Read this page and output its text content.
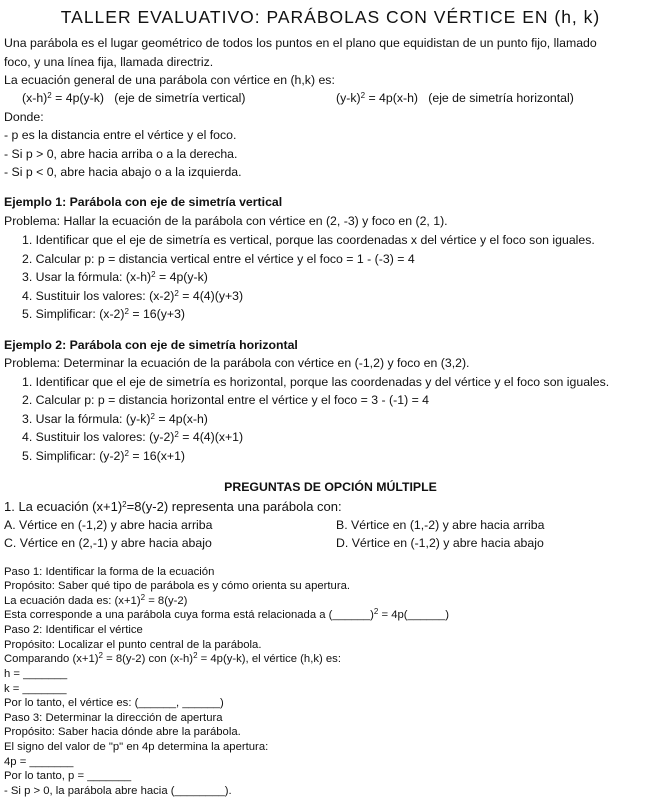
TALLER EVALUATIVO: PARÁBOLAS CON VÉRTICE EN (h, k)
Una parábola es el lugar geométrico de todos los puntos en el plano que equidistan de un punto fijo, llamado
foco, y una línea fija, llamada directriz.
La ecuación general de una parábola con vértice en (h,k) es:
$(x-h)^2 = 4p(y-k)$ (eje de simetría vertical)	$(y-k)^2 = 4p(x-h)$ (eje de simetría horizontal)
Donde:
- p es la distancia entre el vértice y el foco.
- Si p > 0, abre hacia arriba o a la derecha.
- Si p < 0, abre hacia abajo o a la izquierda.
Ejemplo 1: Parábola con eje de simetría vertical
Problema: Hallar la ecuación de la parábola con vértice en (2, -3) y foco en (2, 1).
1. Identificar que el eje de simetría es vertical, porque las coordenadas x del vértice y el foco son iguales.
2. Calcular p: p = distancia vertical entre el vértice y el foco = 1 - (-3) = 4
3. Usar la fórmula: $(x-h)^2 = 4p(y-k)$
4. Sustituir los valores: $(x-2)^2 = 4(4)(y+3)$
5. Simplificar: $(x-2)^2 = 16(y+3)$
Ejemplo 2: Parábola con eje de simetría horizontal
Problema: Determinar la ecuación de la parábola con vértice en (-1,2) y foco en (3,2).
1. Identificar que el eje de simetría es horizontal, porque las coordenadas y del vértice y el foco son iguales.
2. Calcular p: p = distancia horizontal entre el vértice y el foco = 3 - (-1) = 4
3. Usar la fórmula: $(y-k)^2 = 4p(x-h)$
4. Sustituir los valores: $(y-2)^2 = 4(4)(x+1)$
5. Simplificar: $(y-2)^2 = 16(x+1)$
PREGUNTAS DE OPCIÓN MÚLTIPLE
1. La ecuación $(x+1)^2=8(y-2)$ representa una parábola con:
A. Vértice en (-1,2) y abre hacia arriba	B. Vértice en (1,-2) y abre hacia arriba
C. Vértice en (2,-1) y abre hacia abajo	D. Vértice en (-1,2) y abre hacia abajo
Paso 1: Identificar la forma de la ecuación
Propósito: Saber qué tipo de parábola es y cómo orienta su apertura.
La ecuación dada es: $(x+1)^2 = 8(y-2)$
Esta corresponde a una parábola cuya forma está relacionada a (______)$^2$ = 4p(______)
Paso 2: Identificar el vértice
Propósito: Localizar el punto central de la parábola.
Comparando $(x+1)^2 = 8(y-2)$ con $(x-h)^2 = 4p(y-k)$, el vértice (h,k) es:
h = _______
k = _______
Por lo tanto, el vértice es: (______, ______)
Paso 3: Determinar la dirección de apertura
Propósito: Saber hacia dónde abre la parábola.
El signo del valor de "p" en 4p determina la apertura:
4p = _______
Por lo tanto, p = _______
- Si p > 0, la parábola abre hacia (________).
